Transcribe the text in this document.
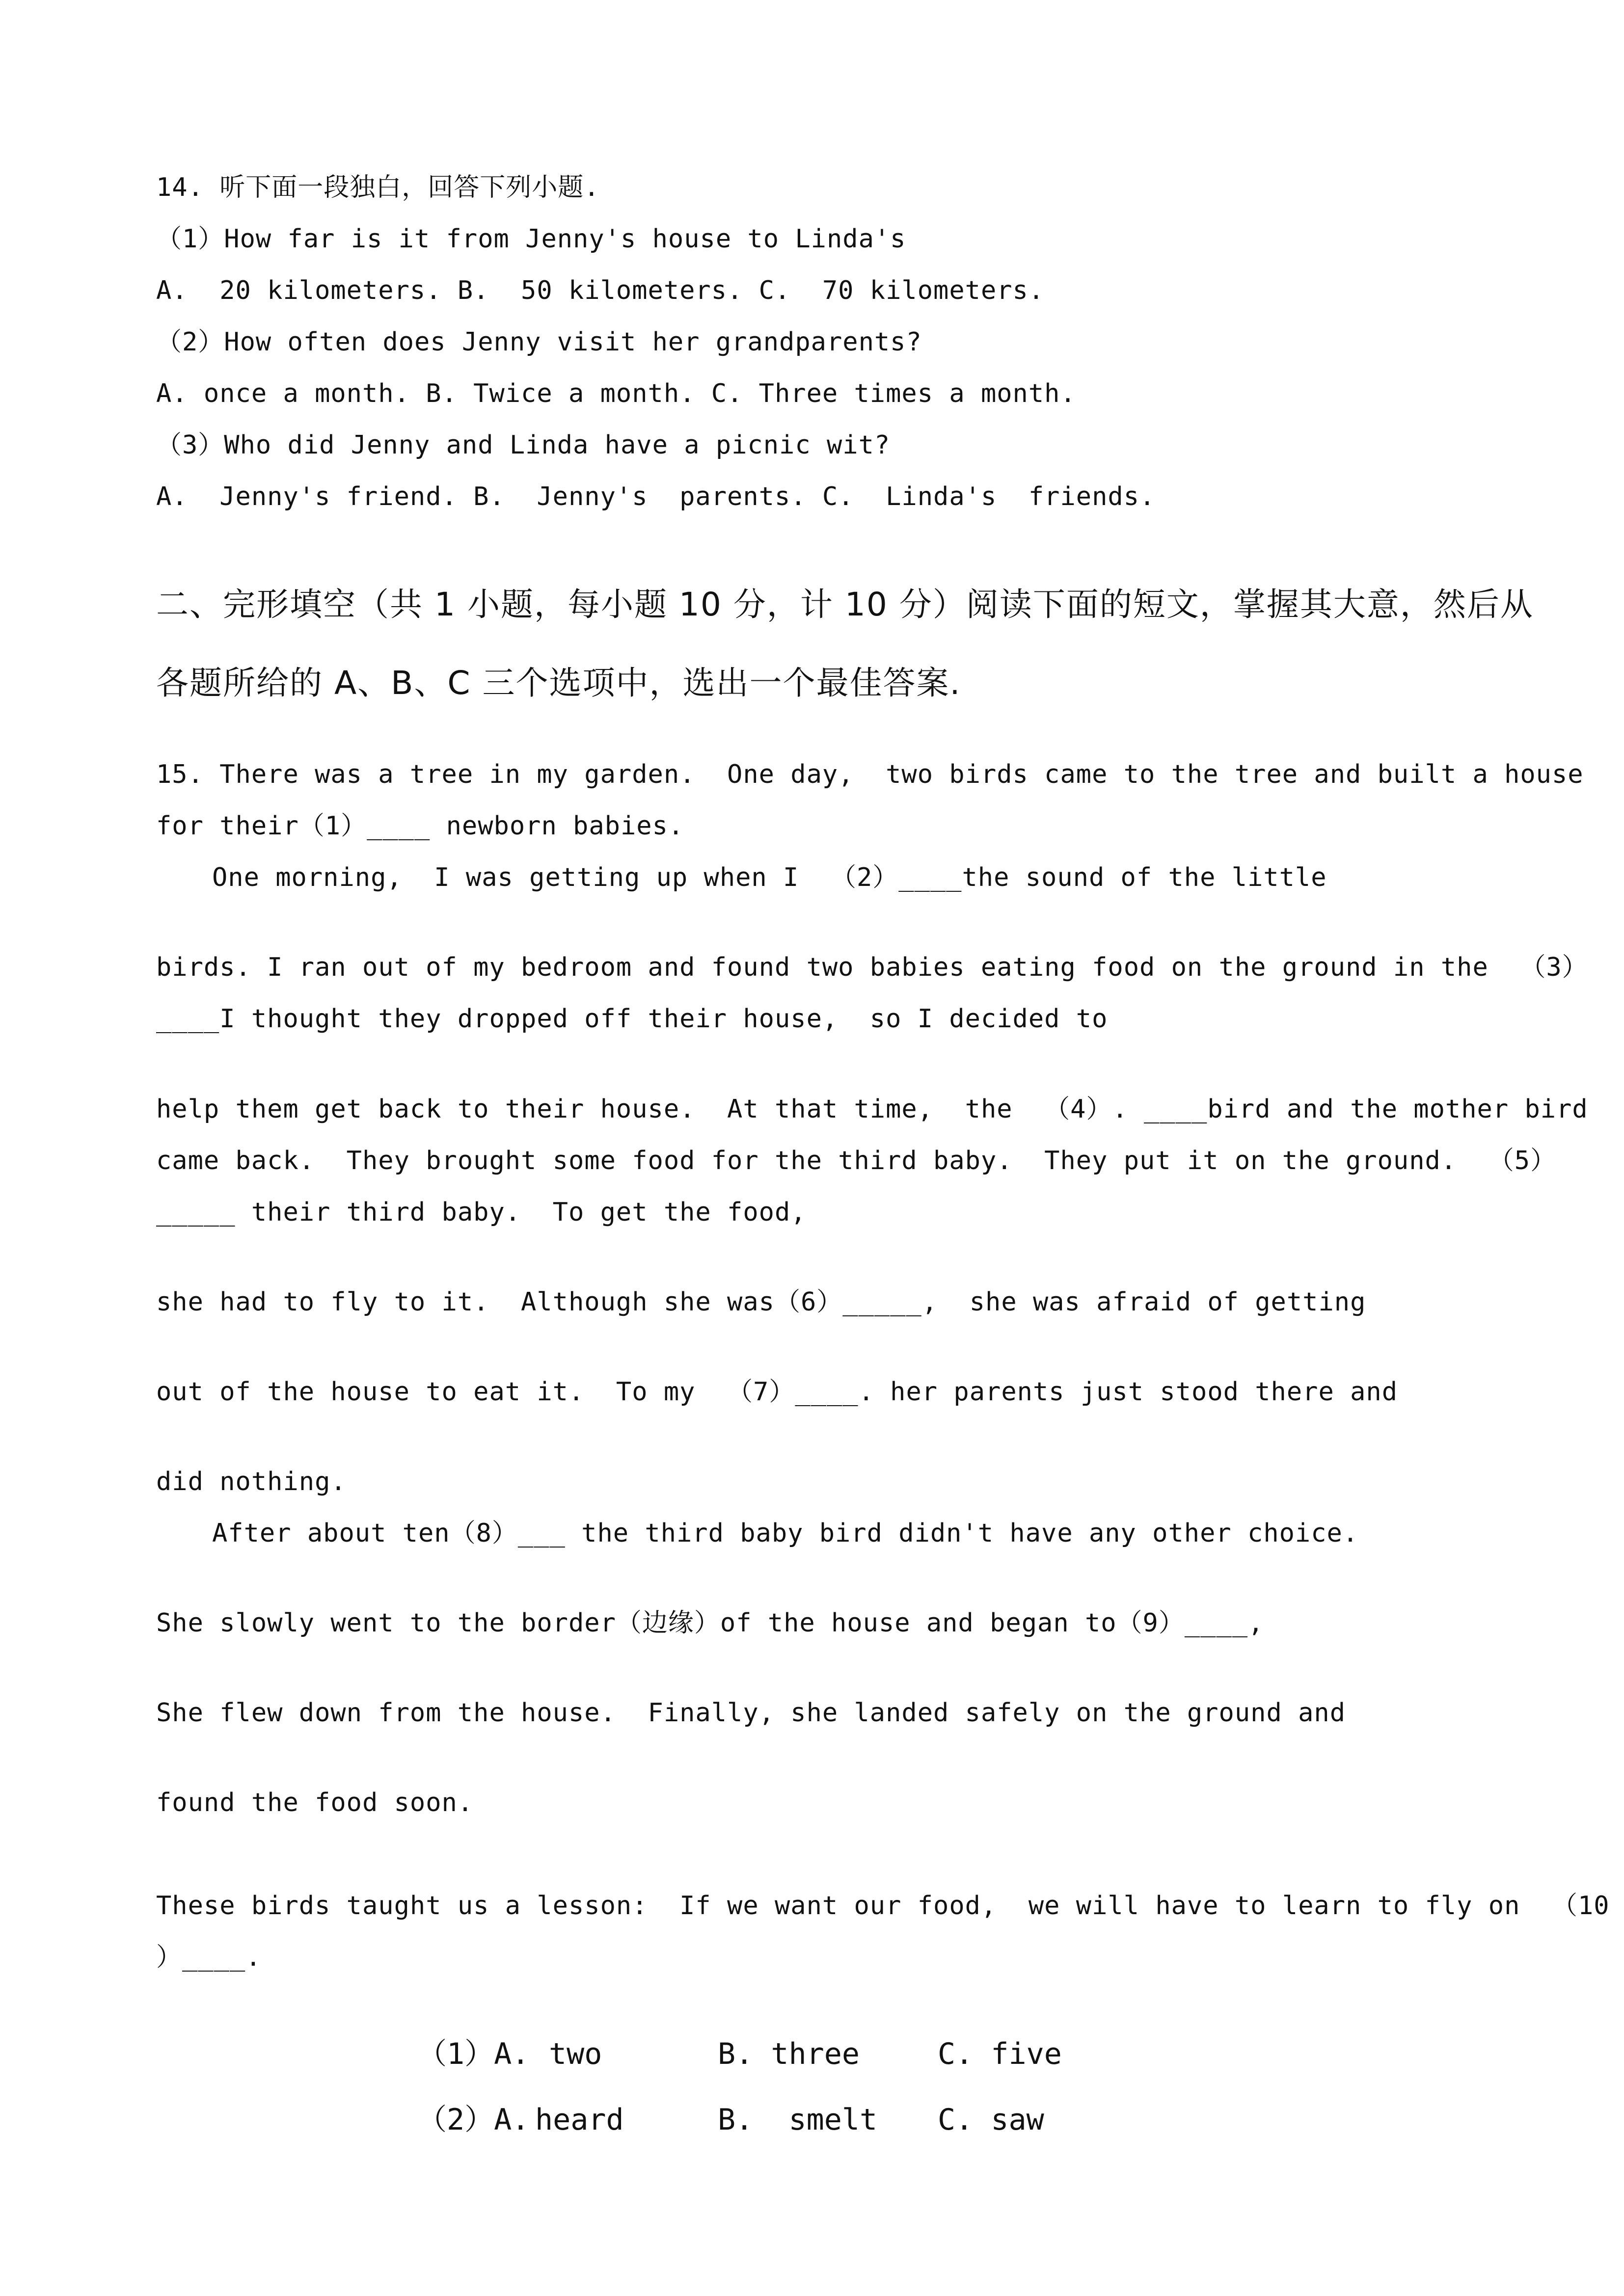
14. 听下面一段独白，回答下列小题.
（1）How far is it from Jenny's house to Linda's
A.  20 kilometers. B.  50 kilometers. C.  70 kilometers.
（2）How often does Jenny visit her grandparents?
A. once a month. B. Twice a month. C. Three times a month.
（3）Who did Jenny and Linda have a picnic wit?
A.  Jenny's friend. B.  Jenny's  parents. C.  Linda's  friends.
二、完形填空（共 1 小题，每小题 10 分，计 10 分）阅读下面的短文，掌握其大意，然后从
各题所给的 A、B、C 三个选项中，选出一个最佳答案.
15. There was a tree in my garden.  One day,  two birds came to the tree and built a house
for their（1）____ newborn babies.
One morning,  I was getting up when I  （2）____the sound of the little
birds. I ran out of my bedroom and found two babies eating food on the ground in the  （3）
____I thought they dropped off their house,  so I decided to
help them get back to their house.  At that time,  the  （4）. ____bird and the mother bird
came back.  They brought some food for the third baby.  They put it on the ground.  （5）
_____ their third baby.  To get the food,
she had to fly to it.  Although she was（6）_____,  she was afraid of getting
out of the house to eat it.  To my  （7）____. her parents just stood there and
did nothing.
After about ten（8）___ the third baby bird didn't have any other choice.
She slowly went to the border（边缘）of the house and began to（9）____,
She flew down from the house.  Finally, she landed safely on the ground and
found the food soon.
These birds taught us a lesson:  If we want our food,  we will have to learn to fly on  （10
）____.
（1）A. two	B. three	C. five
（2）A. heard	B.  smelt C. saw
